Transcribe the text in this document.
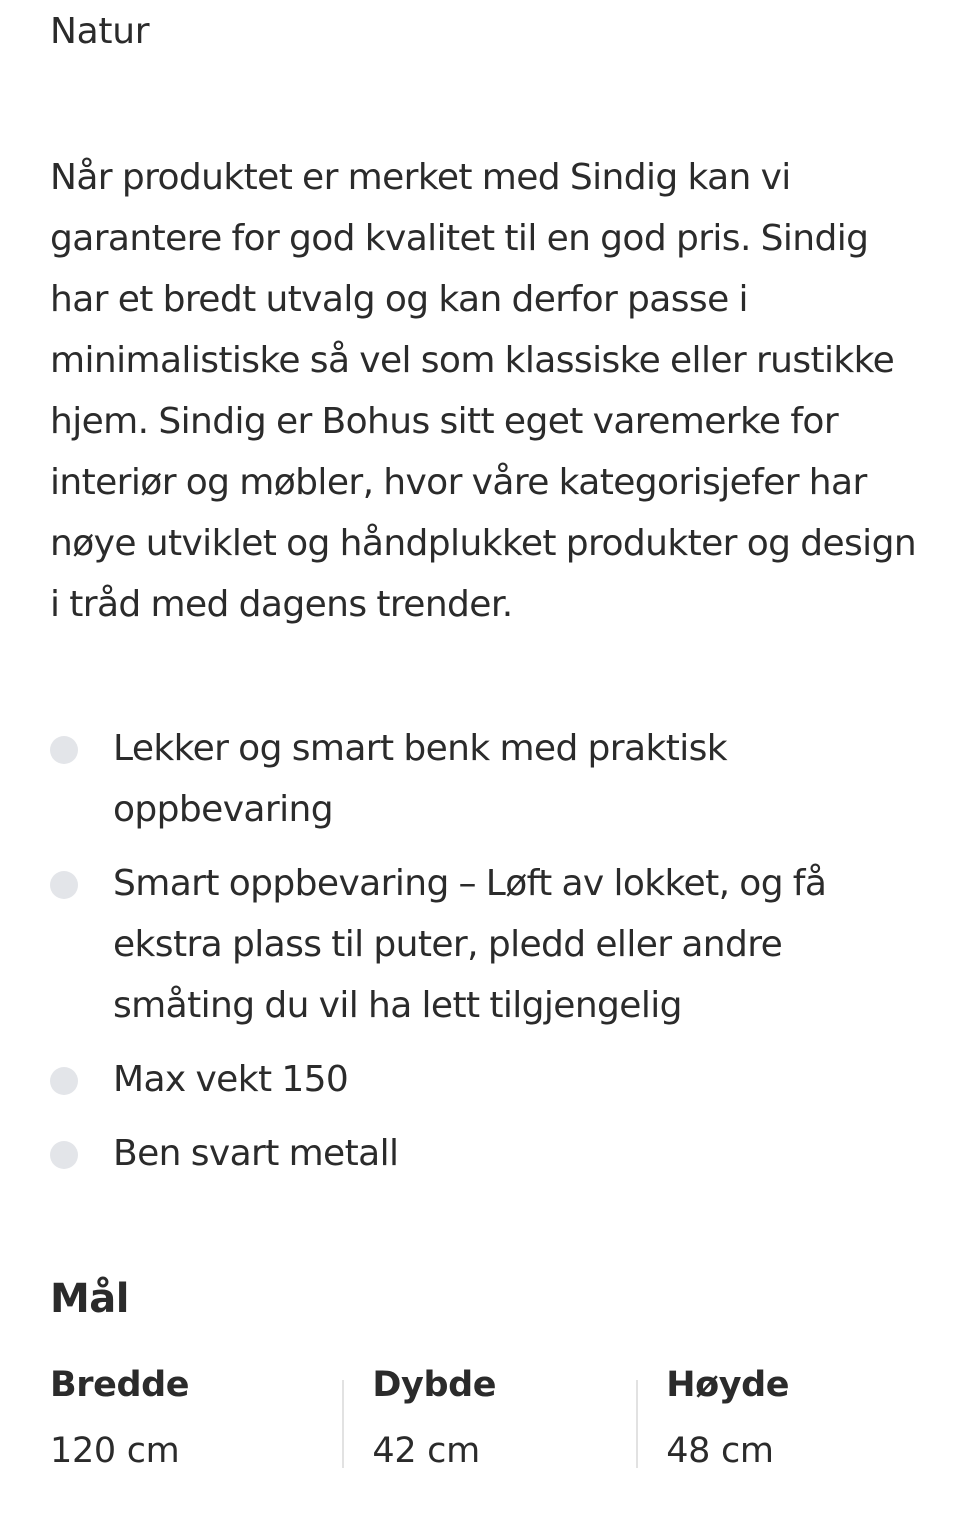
Natur

Når produktet er merket med Sindig kan vi garantere for god kvalitet til en god pris. Sindig har et bredt utvalg og kan derfor passe i minimalistiske så vel som klassiske eller rustikke hjem. Sindig er Bohus sitt eget varemerke for interiør og møbler, hvor våre kategorisjefer har nøye utviklet og håndplukket produkter og design i tråd med dagens trender.

Lekker og smart benk med praktisk oppbevaring
Smart oppbevaring – Løft av lokket, og få ekstra plass til puter, pledd eller andre småting du vil ha lett tilgjengelig
Max vekt 150
Ben svart metall
Mål
Bredde
120 cm
Dybde
42 cm
Høyde
48 cm
